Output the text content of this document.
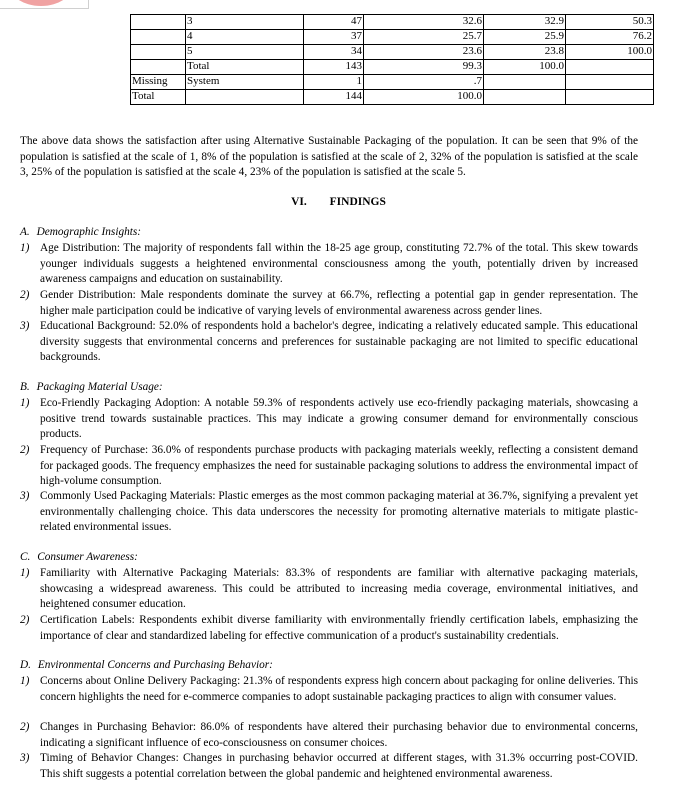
	3	47	32.6	32.9	50.3
	4	37	25.7	25.9	76.2
	5	34	23.6	23.8	100.0
	Total	143	99.3	100.0	
Missing	System	1	.7		
Total		144	100.0		

The above data shows the satisfaction after using Alternative Sustainable Packaging of the population. It can be seen that 9% of the population is satisfied at the scale of 1, 8% of the population is satisfied at the scale of 2, 32% of the population is satisfied at the scale 3, 25% of the population is satisfied at the scale 4, 23% of the population is satisfied at the scale 5.

VI. FINDINGS
A. Demographic Insights:
1) Age Distribution: The majority of respondents fall within the 18-25 age group, constituting 72.7% of the total. This skew towards younger individuals suggests a heightened environmental consciousness among the youth, potentially driven by increased awareness campaigns and education on sustainability.
2) Gender Distribution: Male respondents dominate the survey at 66.7%, reflecting a potential gap in gender representation. The higher male participation could be indicative of varying levels of environmental awareness across gender lines.
3) Educational Background: 52.0% of respondents hold a bachelor's degree, indicating a relatively educated sample. This educational diversity suggests that environmental concerns and preferences for sustainable packaging are not limited to specific educational backgrounds.
B. Packaging Material Usage:
1) Eco-Friendly Packaging Adoption: A notable 59.3% of respondents actively use eco-friendly packaging materials, showcasing a positive trend towards sustainable practices. This may indicate a growing consumer demand for environmentally conscious products.
2) Frequency of Purchase: 36.0% of respondents purchase products with packaging materials weekly, reflecting a consistent demand for packaged goods. The frequency emphasizes the need for sustainable packaging solutions to address the environmental impact of high-volume consumption.
3) Commonly Used Packaging Materials: Plastic emerges as the most common packaging material at 36.7%, signifying a prevalent yet environmentally challenging choice. This data underscores the necessity for promoting alternative materials to mitigate plastic-related environmental issues.
C. Consumer Awareness:
1) Familiarity with Alternative Packaging Materials: 83.3% of respondents are familiar with alternative packaging materials, showcasing a widespread awareness. This could be attributed to increasing media coverage, environmental initiatives, and heightened consumer education.
2) Certification Labels: Respondents exhibit diverse familiarity with environmentally friendly certification labels, emphasizing the importance of clear and standardized labeling for effective communication of a product's sustainability credentials.
D. Environmental Concerns and Purchasing Behavior:
1) Concerns about Online Delivery Packaging: 21.3% of respondents express high concern about packaging for online deliveries. This concern highlights the need for e-commerce companies to adopt sustainable packaging practices to align with consumer values.
2) Changes in Purchasing Behavior: 86.0% of respondents have altered their purchasing behavior due to environmental concerns, indicating a significant influence of eco-consciousness on consumer choices.
3) Timing of Behavior Changes: Changes in purchasing behavior occurred at different stages, with 31.3% occurring post-COVID. This shift suggests a potential correlation between the global pandemic and heightened environmental awareness.
